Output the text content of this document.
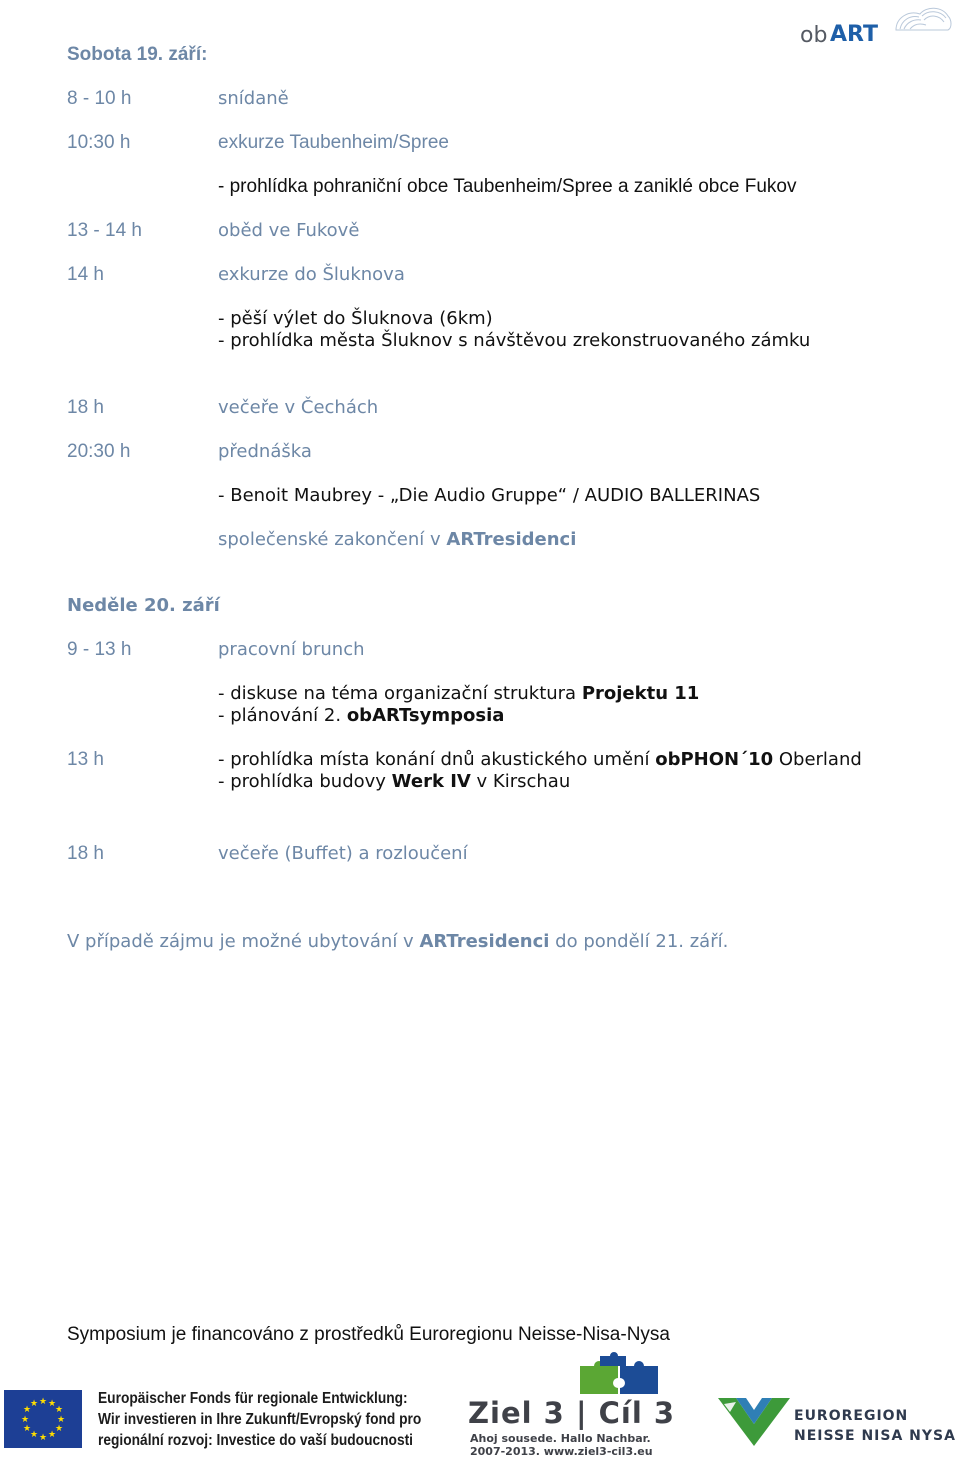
ob ART
Sobota 19. září:
8 - 10 h	snídaně
10:30 h	exkurze Taubenheim/Spree
- prohlídka pohraniční obce Taubenheim/Spree a zaniklé obce Fukov
13 - 14 h	oběd ve Fukově
14 h	exkurze do Šluknova
- pěší výlet do Šluknova (6km)
- prohlídka města Šluknov s návštěvou zrekonstruovaného zámku
18 h	večeře v Čechách
20:30 h	přednáška
- Benoit Maubrey - „Die Audio Gruppe“ / AUDIO BALLERINAS
společenské zakončení v ARTresidenci
Neděle 20. září
9 - 13 h	pracovní brunch
- diskuse na téma organizační struktura Projektu 11
- plánování 2. obARTsymposia
13 h	- prohlídka místa konání dnů akustického umění obPHON´10 Oberland
- prohlídka budovy Werk IV v Kirschau
18 h	večeře (Buffet) a rozloučení
V případě zájmu je možné ubytování v ARTresidenci do pondělí 21. září.
Symposium je financováno z prostředků Euroregionu Neisse-Nisa-Nysa
★ ★
★
★
★
★
★
★
★
★
★
★	Europäischer Fonds für regionale Entwicklung:
Wir investieren in Ihre Zukunft/Evropský fond pro
regionální rozvoj: Investice do vaší budoucnosti
Ziel 3 | Cíl 3
Ahoj sousede. Hallo Nachbar.
2007-2013. www.ziel3-cil3.eu
EUROREGION
NEISSE NISA NYSA
